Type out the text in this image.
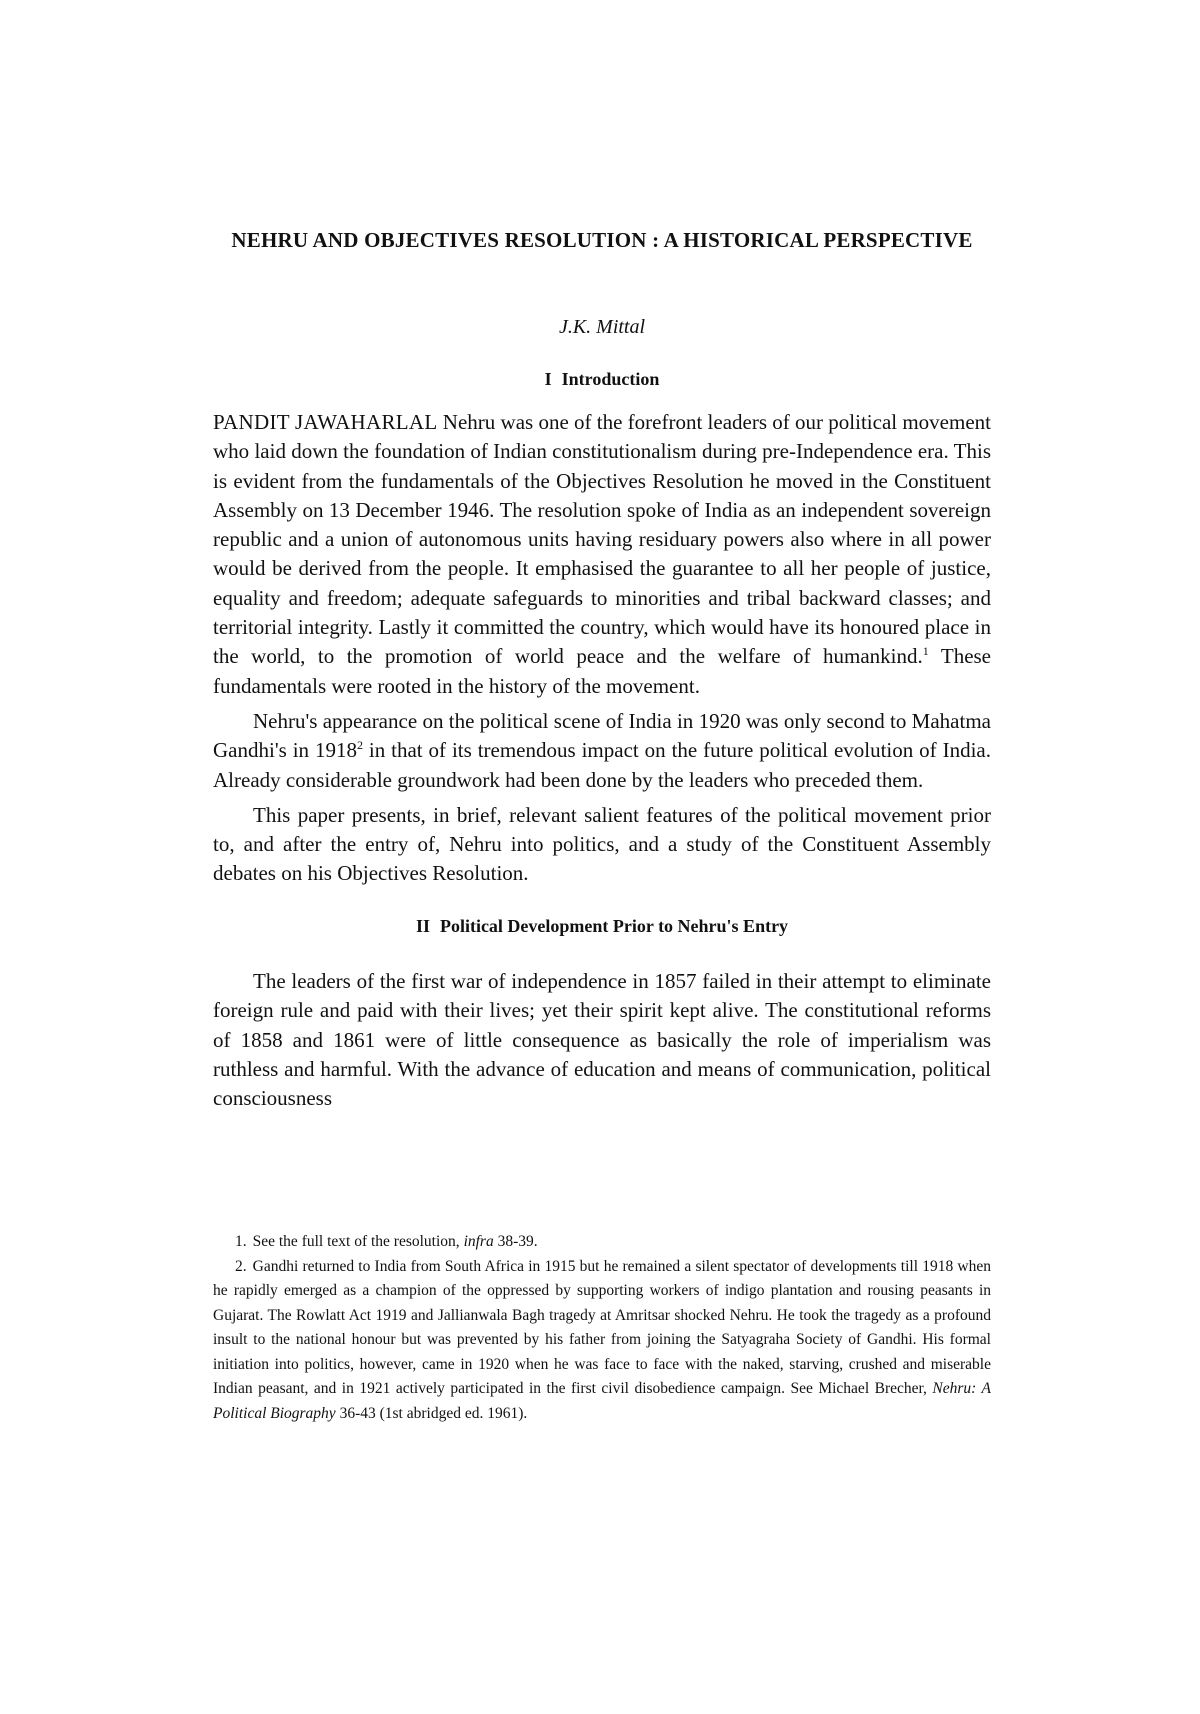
NEHRU AND OBJECTIVES RESOLUTION : A HISTORICAL PERSPECTIVE
J.K. Mittal
I Introduction

PANDIT JAWAHARLAL Nehru was one of the forefront leaders of our political movement who laid down the foundation of Indian constitutionalism during pre-Independence era. This is evident from the fundamentals of the Objectives Resolution he moved in the Constituent Assembly on 13 December 1946. The resolution spoke of India as an independent sovereign republic and a union of autonomous units having residuary powers also where in all power would be derived from the people. It emphasised the guarantee to all her people of justice, equality and freedom; adequate safeguards to minorities and tribal backward classes; and territorial integrity. Lastly it committed the country, which would have its honoured place in the world, to the promotion of world peace and the welfare of humankind.$^1$ These fundamentals were rooted in the history of the movement.

Nehru's appearance on the political scene of India in 1920 was only second to Mahatma Gandhi's in 1918$^2$ in that of its tremendous impact on the future political evolution of India. Already considerable groundwork had been done by the leaders who preceded them.

This paper presents, in brief, relevant salient features of the political movement prior to, and after the entry of, Nehru into politics, and a study of the Constituent Assembly debates on his Objectives Resolution.

II Political Development Prior to Nehru's Entry

The leaders of the first war of independence in 1857 failed in their attempt to eliminate foreign rule and paid with their lives; yet their spirit kept alive. The constitutional reforms of 1858 and 1861 were of little consequence as basically the role of imperialism was ruthless and harmful. With the advance of education and means of communication, political consciousness

1. See the full text of the resolution, infra 38-39.

2. Gandhi returned to India from South Africa in 1915 but he remained a silent spectator of developments till 1918 when he rapidly emerged as a champion of the oppressed by supporting workers of indigo plantation and rousing peasants in Gujarat. The Rowlatt Act 1919 and Jallianwala Bagh tragedy at Amritsar shocked Nehru. He took the tragedy as a profound insult to the national honour but was prevented by his father from joining the Satyagraha Society of Gandhi. His formal initiation into politics, however, came in 1920 when he was face to face with the naked, starving, crushed and miserable Indian peasant, and in 1921 actively participated in the first civil disobedience campaign. See Michael Brecher, Nehru: A Political Biography 36-43 (1st abridged ed. 1961).
